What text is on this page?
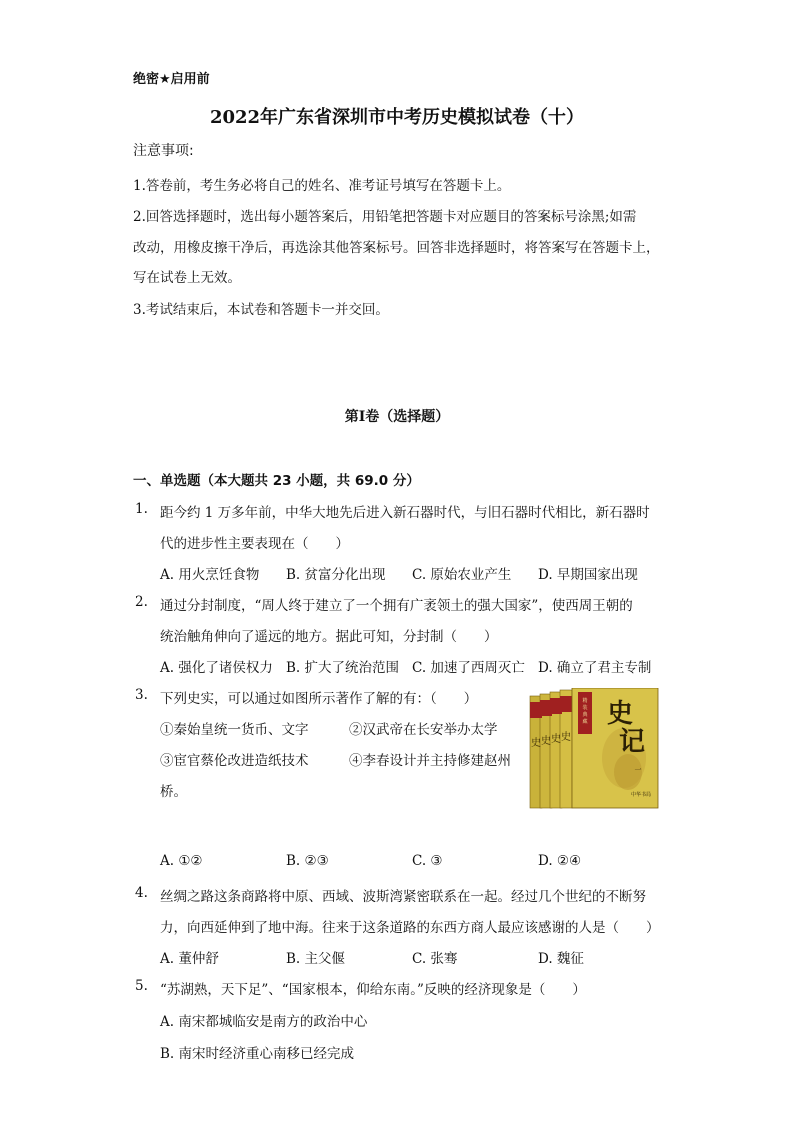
绝密★启用前
2022年广东省深圳市中考历史模拟试卷（十）
注意事项:
1.答卷前，考生务必将自己的姓名、准考证号填写在答题卡上。
2.回答选择题时，选出每小题答案后，用铅笔把答题卡对应题目的答案标号涂黑;如需
改动，用橡皮擦干净后，再选涂其他答案标号。回答非选择题时，将答案写在答题卡上，
写在试卷上无效。
3.考试结束后，本试卷和答题卡一并交回。
第I卷（选择题）
一、单选题（本大题共 23 小题，共 69.0 分）
1. 距今约 1 万多年前，中华大地先后进入新石器时代，与旧石器时代相比，新石器时
代的进步性主要表现在（　　）
A. 用火烹饪食物 B. 贫富分化出现 C. 原始农业产生 D. 早期国家出现
2. 通过分封制度，“周人终于建立了一个拥有广袤领土的强大国家”，使西周王朝的
统治触角伸向了遥远的地方。据此可知，分封制（　　）
A. 强化了诸侯权力 B. 扩大了统治范围 C. 加速了西周灭亡 D. 确立了君主专制
3. 下列史实，可以通过如图所示著作了解的有：（　　）
①秦始皇统一货币、文字	②汉武帝在长安举办太学
③宦官蔡伦改进造纸技术	④李春设计并主持修建赵州
桥。
史 史 史 史
精
装
典
藏 史
记
一
中华书局
A. ①②	B. ②③	C. ③	D. ②④
4. 丝绸之路这条商路将中原、西域、波斯湾紧密联系在一起。经过几个世纪的不断努
力，向西延伸到了地中海。往来于这条道路的东西方商人最应该感谢的人是（　　）
A. 董仲舒	B. 主父偃	C. 张骞	D. 魏征
5. “苏湖熟，天下足”、“国家根本，仰给东南。”反映的经济现象是（　　）
A. 南宋都城临安是南方的政治中心
B. 南宋时经济重心南移已经完成
